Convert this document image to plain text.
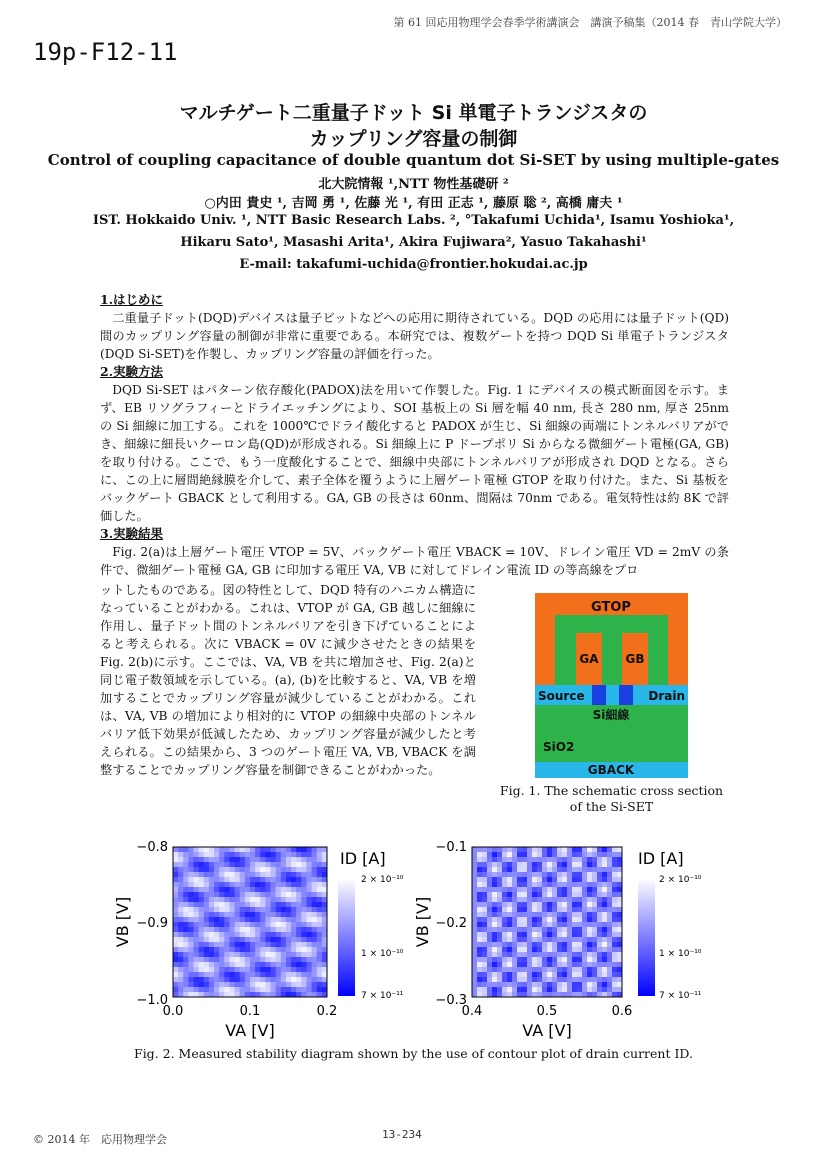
第 61 回応用物理学会春季学術講演会　講演予稿集（2014 春　青山学院大学）
19p-F12-11
マルチゲート二重量子ドット Si 単電子トランジスタの
カップリング容量の制御
Control of coupling capacitance of double quantum dot Si-SET by using multiple-gates
北大院情報 ¹,NTT 物性基礎研 ²
○内田 貴史 ¹, 吉岡 勇 ¹, 佐藤 光 ¹, 有田 正志 ¹, 藤原 聡 ², 高橋 庸夫 ¹
IST. Hokkaido Univ. ¹, NTT Basic Research Labs. ², °Takafumi Uchida¹, Isamu Yoshioka¹,
Hikaru Sato¹, Masashi Arita¹, Akira Fujiwara², Yasuo Takahashi¹
E-mail: takafumi-uchida@frontier.hokudai.ac.jp
1.はじめに

二重量子ドット(DQD)デバイスは量子ビットなどへの応用に期待されている。DQD の応用には量子ドット(QD)間のカップリング容量の制御が非常に重要である。本研究では、複数ゲートを持つ DQD Si 単電子トランジスタ(DQD Si-SET)を作製し、カップリング容量の評価を行った。

2.実験方法

DQD Si-SET はパターン依存酸化(PADOX)法を用いて作製した。Fig. 1 にデバイスの模式断面図を示す。まず、EB リソグラフィーとドライエッチングにより、SOI 基板上の Si 層を幅 40 nm, 長さ 280 nm, 厚さ 25nm の Si 細線に加工する。これを 1000℃でドライ酸化すると PADOX が生じ、Si 細線の両端にトンネルバリアができ、細線に細長いクーロン島(QD)が形成される。Si 細線上に P ドープポリ Si からなる微細ゲート電極(GA, GB)を取り付ける。ここで、もう一度酸化することで、細線中央部にトンネルバリアが形成され DQD となる。さらに、この上に層間絶縁膜を介して、素子全体を覆うように上層ゲート電極 GTOP を取り付けた。また、Si 基板をバックゲート GBACK として利用する。GA, GB の長さは 60nm、間隔は 70nm である。電気特性は約 8K で評価した。

3.実験結果

Fig. 2(a)は上層ゲート電圧 VTOP = 5V、バックゲート電圧 VBACK = 10V、ドレイン電圧 VD = 2mV の条件で、微細ゲート電極 GA, GB に印加する電圧 VA, VB に対してドレイン電流 ID の等高線をプロ

ットしたものである。図の特性として、DQD 特有のハニカム構造になっていることがわかる。これは、VTOP が GA, GB 越しに細線に作用し、量子ドット間のトンネルバリアを引き下げていることによると考えられる。次に VBACK = 0V に減少させたときの結果を Fig. 2(b)に示す。ここでは、VA, VB を共に増加させ、Fig. 2(a)と同じ電子数領域を示している。(a), (b)を比較すると、VA, VB を増加することでカップリング容量が減少していることがわかる。これは、VA, VB の増加により相対的に VTOP の細線中央部のトンネルバリア低下効果が低減したため、カップリング容量が減少したと考えられる。この結果から、3 つのゲート電圧 VA, VB, VBACK を調整することでカップリング容量を制御できることがわかった。
GTOP
GA GB
Source	Drain
Si細線
SiO2
GBACK
Fig. 1. The schematic cross section
of the Si-SET
−0.8
−0.9
−1.0
0.0	0.1	0.2
VA [V]
VB [V]
ID [A]
2 × 10⁻¹⁰
1 × 10⁻¹⁰
7 × 10⁻¹¹
−0.1
−0.2
−0.3
0.4	0.5	0.6
VA [V]
VB [V]
ID [A]
2 × 10⁻¹⁰
1 × 10⁻¹⁰
7 × 10⁻¹¹
Fig. 2. Measured stability diagram shown by the use of contour plot of drain current ID.
© 2014 年　応用物理学会	13-234
